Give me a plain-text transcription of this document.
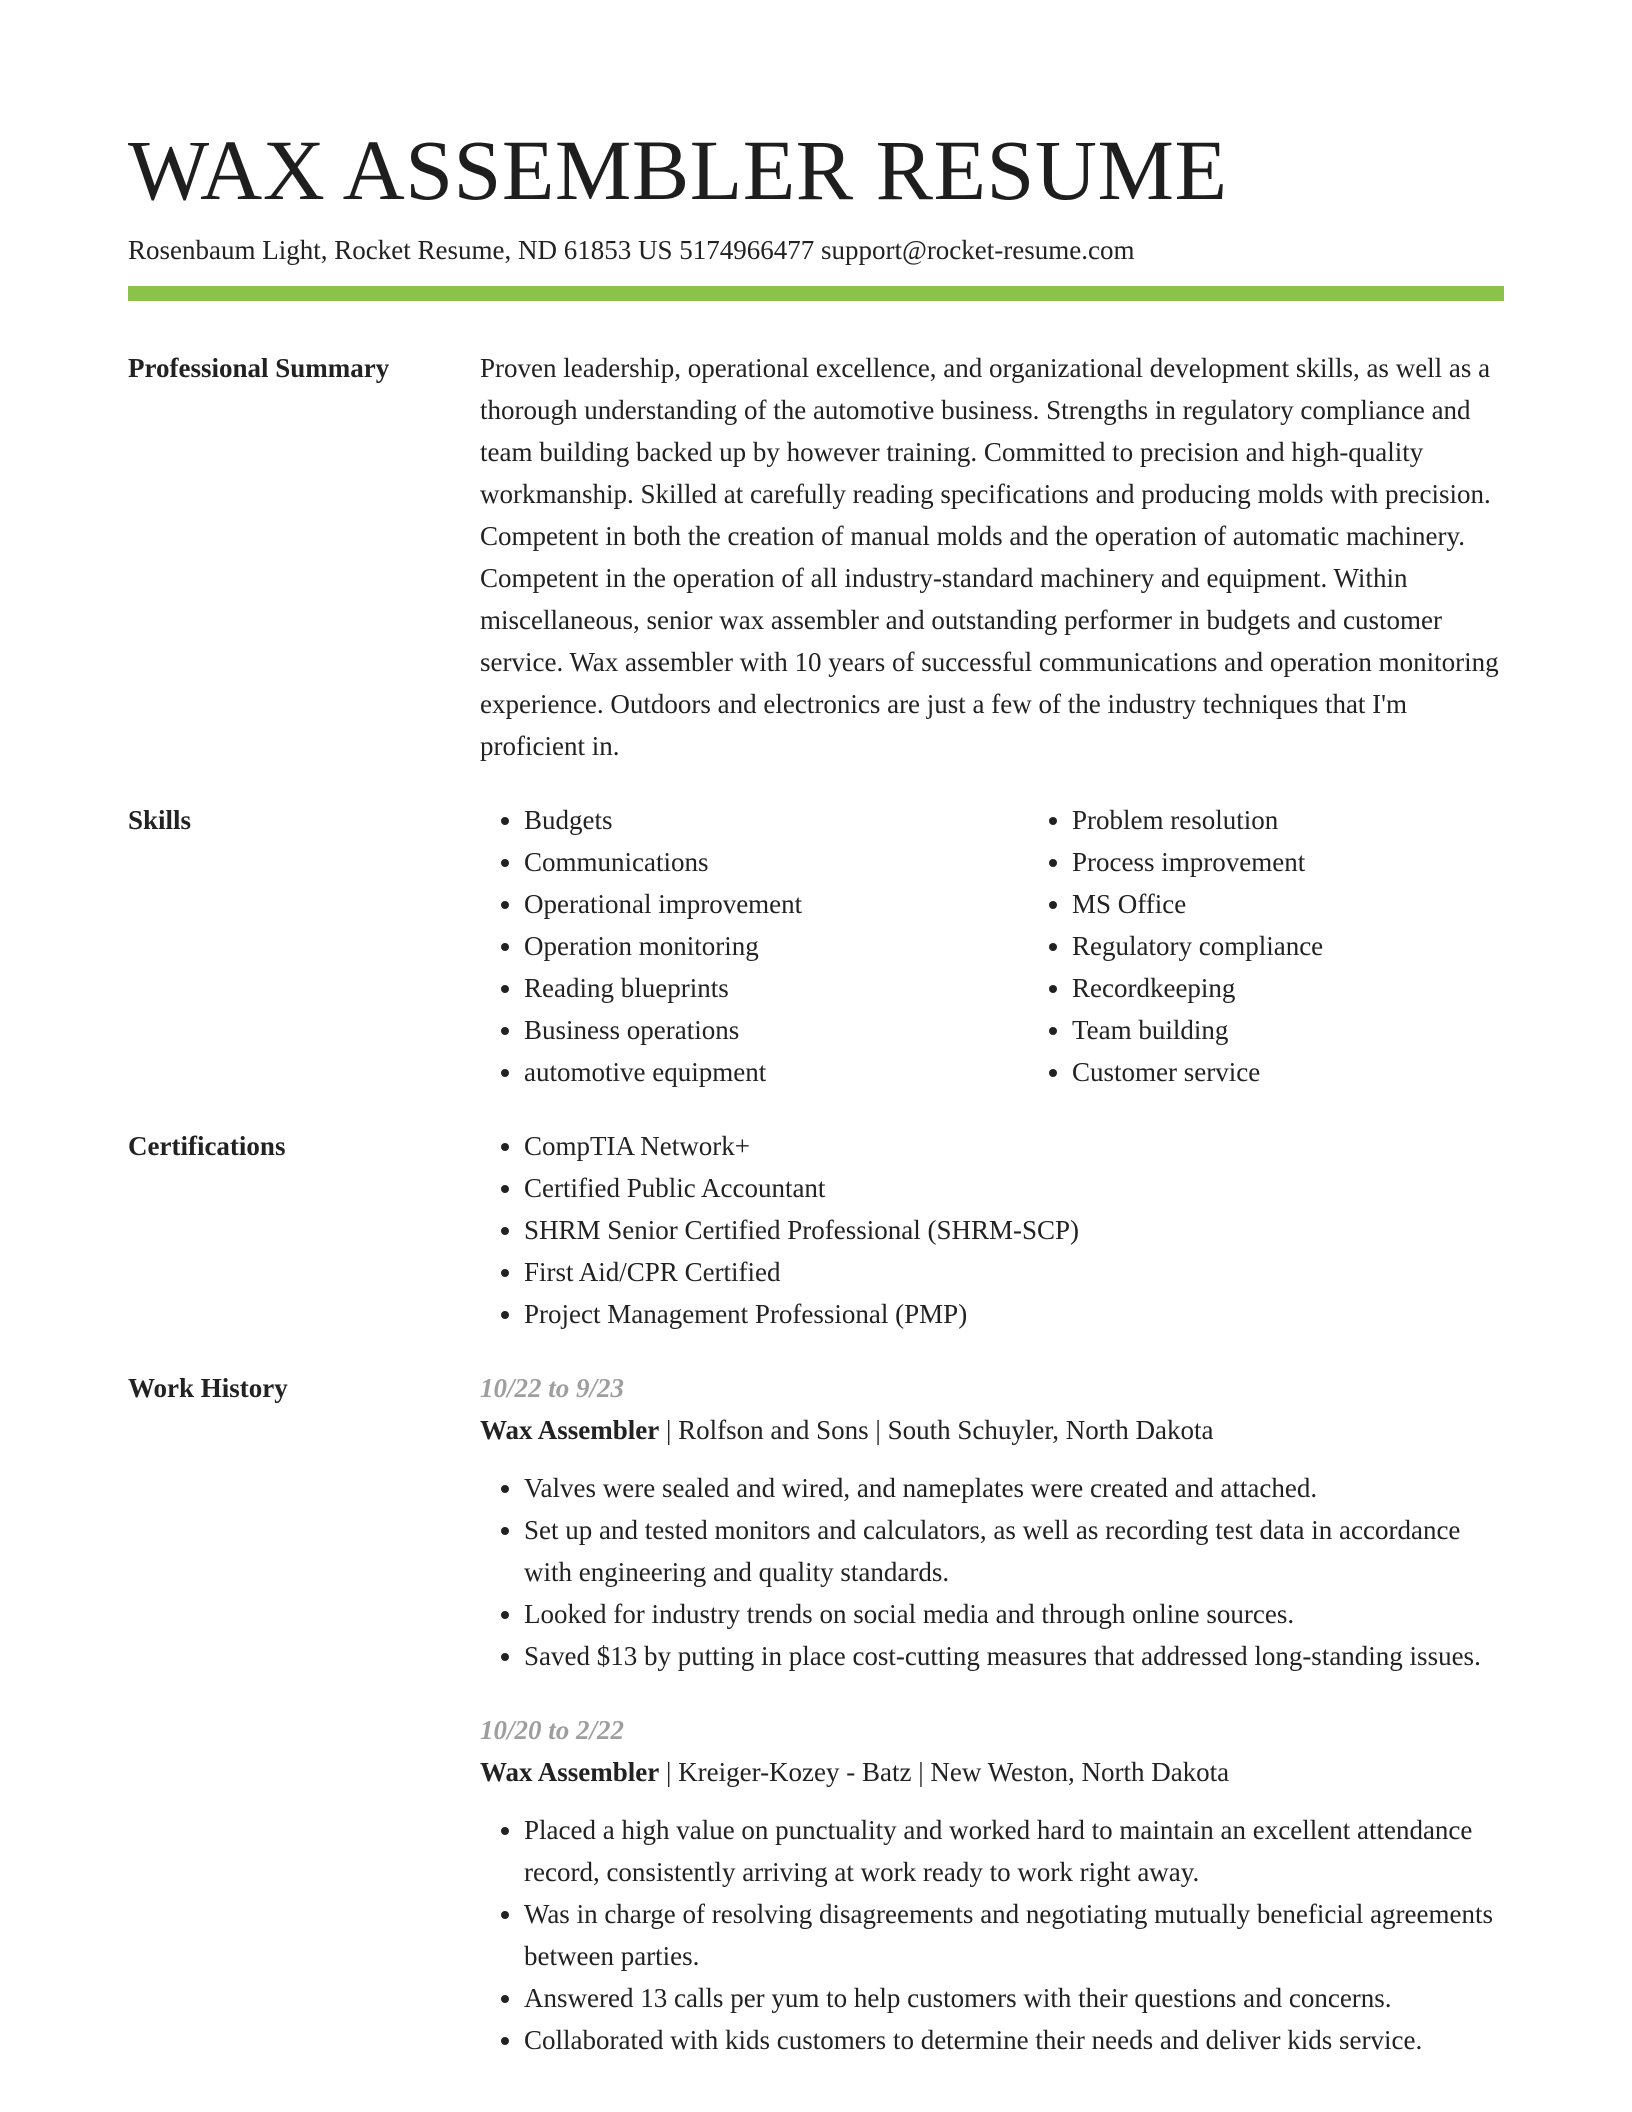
WAX ASSEMBLER RESUME
Rosenbaum Light, Rocket Resume, ND 61853 US 5174966477 support@rocket-resume.com
Professional Summary	Proven leadership, operational excellence, and organizational development skills, as well as a thorough understanding of the automotive business. Strengths in regulatory compliance and team building backed up by however training. Committed to precision and high-quality workmanship. Skilled at carefully reading specifications and producing molds with precision. Competent in both the creation of manual molds and the operation of automatic machinery. Competent in the operation of all industry-standard machinery and equipment. Within miscellaneous, senior wax assembler and outstanding performer in budgets and customer service. Wax assembler with 10 years of successful communications and operation monitoring experience. Outdoors and electronics are just a few of the industry techniques that I'm proficient in.

Skills	• Budgets
• Communications
• Operational improvement
• Operation monitoring
• Reading blueprints
• Business operations
• automotive equipment
• Problem resolution
• Process improvement
• MS Office
• Regulatory compliance
• Recordkeeping
• Team building
• Customer service
Certifications	• CompTIA Network+
• Certified Public Accountant
• SHRM Senior Certified Professional (SHRM-SCP)
• First Aid/CPR Certified
• Project Management Professional (PMP)
Work History	10/22 to 9/23
Wax Assembler | Rolfson and Sons | South Schuyler, North Dakota
• Valves were sealed and wired, and nameplates were created and attached.
• Set up and tested monitors and calculators, as well as recording test data in accordance with engineering and quality standards.
• Looked for industry trends on social media and through online sources.
• Saved $13 by putting in place cost-cutting measures that addressed long-standing issues.
10/20 to 2/22
Wax Assembler | Kreiger-Kozey - Batz | New Weston, North Dakota
• Placed a high value on punctuality and worked hard to maintain an excellent attendance record, consistently arriving at work ready to work right away.
• Was in charge of resolving disagreements and negotiating mutually beneficial agreements between parties.
• Answered 13 calls per yum to help customers with their questions and concerns.
• Collaborated with kids customers to determine their needs and deliver kids service.
